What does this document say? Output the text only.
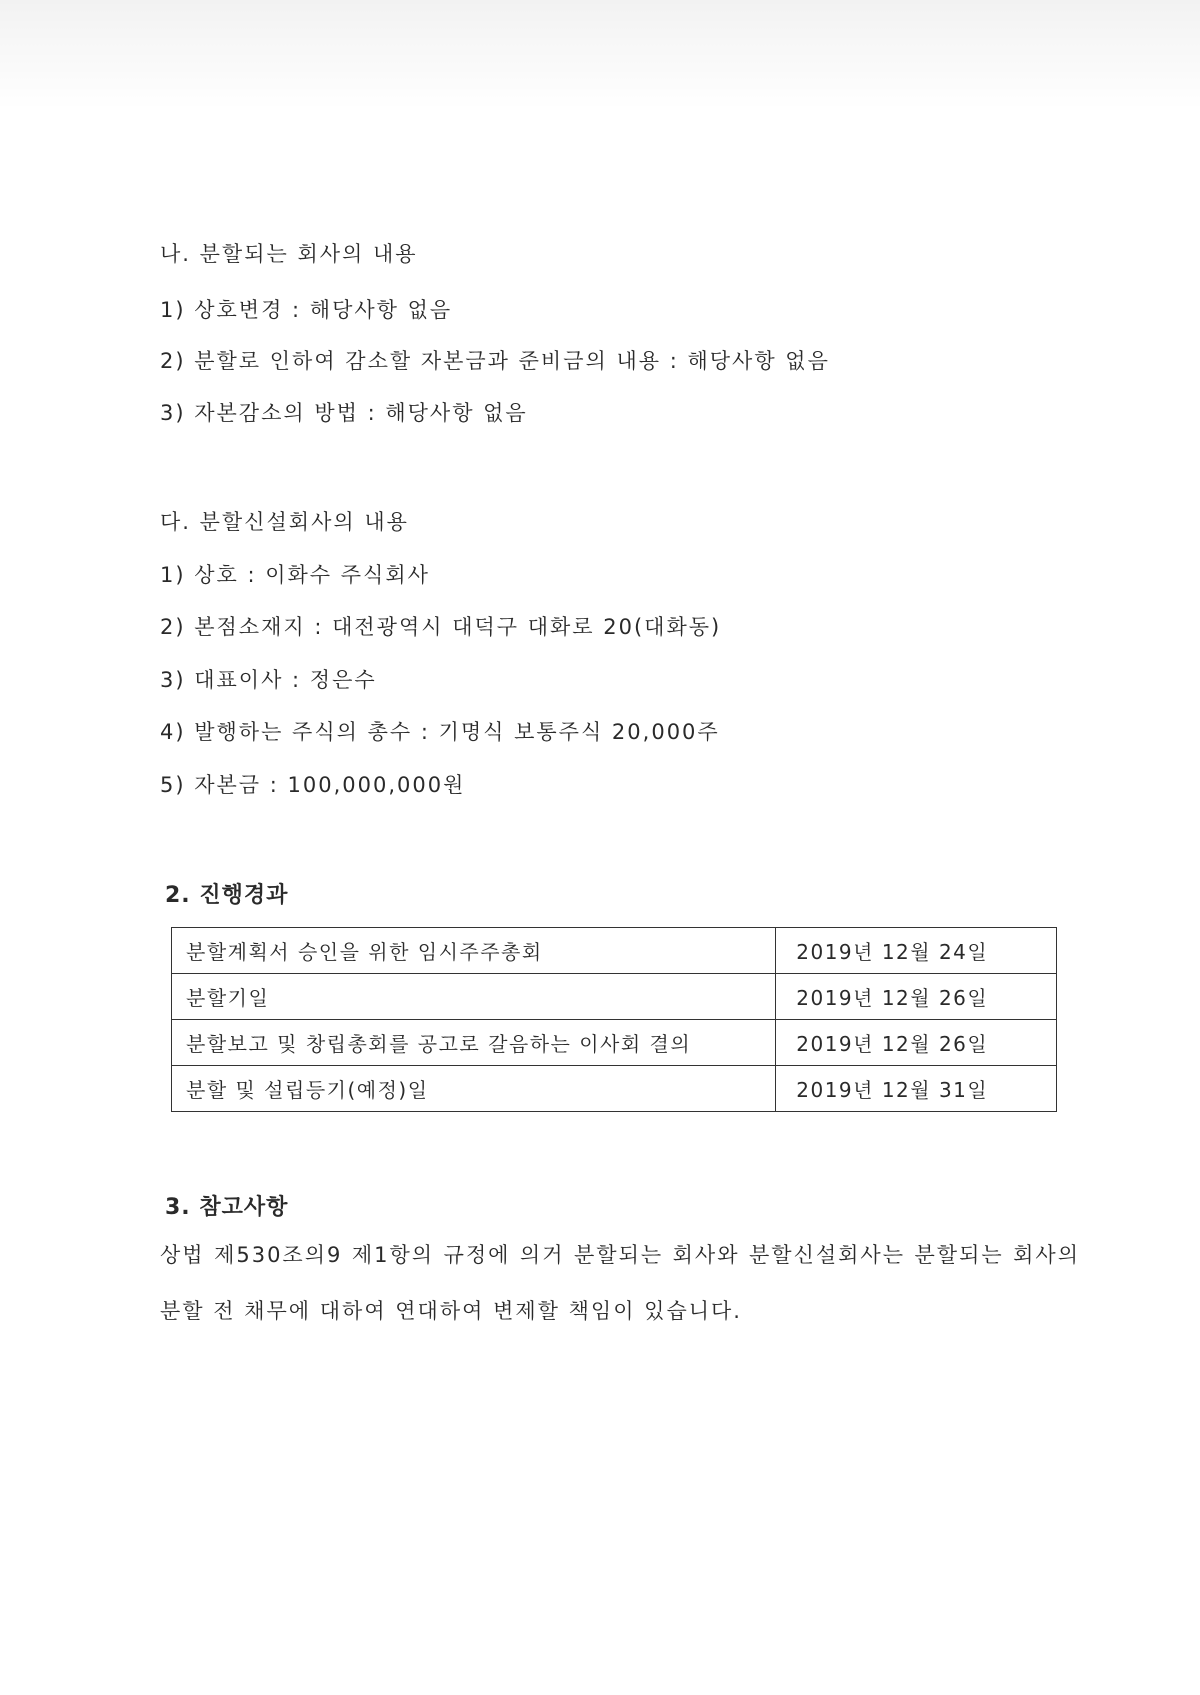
나. 분할되는 회사의 내용
1) 상호변경 : 해당사항 없음
2) 분할로 인하여 감소할 자본금과 준비금의 내용 : 해당사항 없음
3) 자본감소의 방법 : 해당사항 없음
다. 분할신설회사의 내용
1) 상호 : 이화수 주식회사
2) 본점소재지 : 대전광역시 대덕구 대화로 20(대화동)
3) 대표이사 : 정은수
4) 발행하는 주식의 총수 : 기명식 보통주식 20,000주
5) 자본금 : 100,000,000원
2. 진행경과
분할계획서 승인을 위한 임시주주총회	2019년 12월 24일
분할기일	2019년 12월 26일
분할보고 및 창립총회를 공고로 갈음하는 이사회 결의	2019년 12월 26일
분할 및 설립등기(예정)일	2019년 12월 31일
3. 참고사항
상법 제530조의9 제1항의 규정에 의거 분할되는 회사와 분할신설회사는 분할되는 회사의 분할 전 채무에 대하여 연대하여 변제할 책임이 있습니다.
